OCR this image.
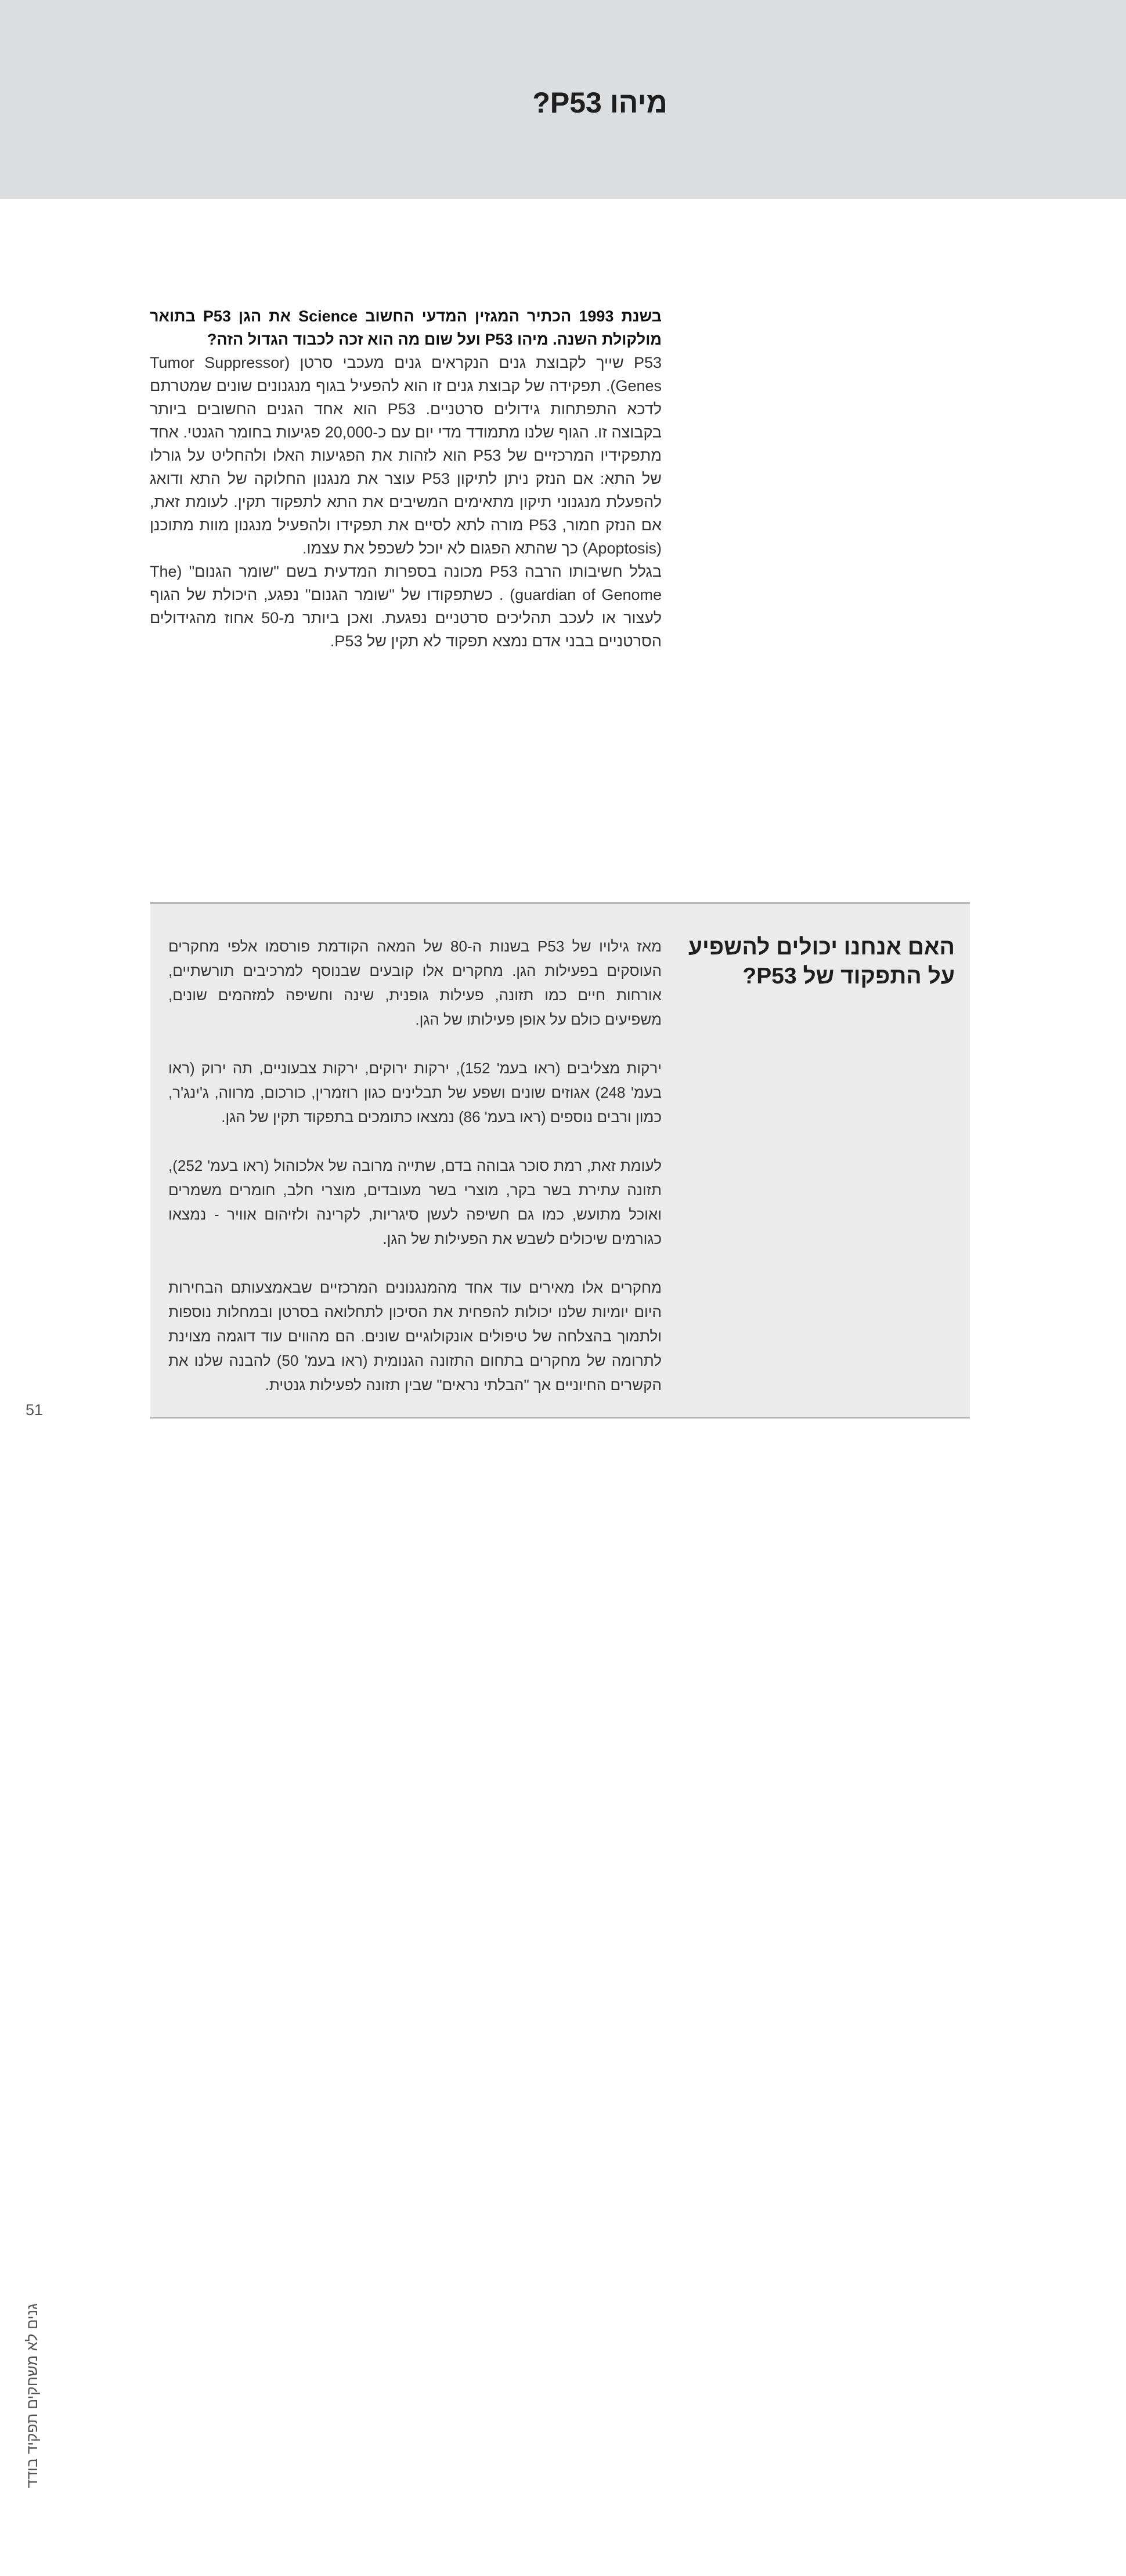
מיהו P53?

בשנת 1993 הכתיר המגזין המדעי החשוב Science את הגן P53 בתואר מולקולת השנה. מיהו P53 ועל שום מה הוא זכה לכבוד הגדול הזה?

P53 שייך לקבוצת גנים הנקראים גנים מעכבי סרטן (Tumor Suppressor Genes). תפקידה של קבוצת גנים זו הוא להפעיל בגוף מנגנונים שונים שמטרתם לדכא התפתחות גידולים סרטניים. P53 הוא אחד הגנים החשובים ביותר בקבוצה זו. הגוף שלנו מתמודד מדי יום עם כ-20,000 פגיעות בחומר הגנטי. אחד מתפקידיו המרכזיים של P53 הוא לזהות את הפגיעות האלו ולהחליט על גורלו של התא: אם הנזק ניתן לתיקון P53 עוצר את מנגנון החלוקה של התא ודואג להפעלת מנגנוני תיקון מתאימים המשיבים את התא לתפקוד תקין. לעומת זאת, אם הנזק חמור, P53 מורה לתא לסיים את תפקידו ולהפעיל מנגנון מוות מתוכנן (Apoptosis) כך שהתא הפגום לא יוכל לשכפל את עצמו.

בגלל חשיבותו הרבה P53 מכונה בספרות המדעית בשם "שומר הגנום" (The guardian of Genome) . כשתפקודו של "שומר הגנום" נפגע, היכולת של הגוף לעצור או לעכב תהליכים סרטניים נפגעת. ואכן ביותר מ-50 אחוז מהגידולים הסרטניים בבני אדם נמצא תפקוד לא תקין של P53.

האם אנחנו יכולים להשפיע על התפקוד של P53?

מאז גילויו של P53 בשנות ה-80 של המאה הקודמת פורסמו אלפי מחקרים העוסקים בפעילות הגן. מחקרים אלו קובעים שבנוסף למרכיבים תורשתיים, אורחות חיים כמו תזונה, פעילות גופנית, שינה וחשיפה למזהמים שונים, משפיעים כולם על אופן פעילותו של הגן.

ירקות מצליבים (ראו בעמ' 152), ירקות ירוקים, ירקות צבעוניים, תה ירוק (ראו בעמ' 248) אגוזים שונים ושפע של תבלינים כגון רוזמרין, כורכום, מרווה, ג'ינג'ר, כמון ורבים נוספים (ראו בעמ' 86) נמצאו כתומכים בתפקוד תקין של הגן.

לעומת זאת, רמת סוכר גבוהה בדם, שתייה מרובה של אלכוהול (ראו בעמ' 252), תזונה עתירת בשר בקר, מוצרי בשר מעובדים, מוצרי חלב, חומרים משמרים ואוכל מתועש, כמו גם חשיפה לעשן סיגריות, לקרינה ולזיהום אוויר - נמצאו כגורמים שיכולים לשבש את הפעילות של הגן.

מחקרים אלו מאירים עוד אחד מהמנגנונים המרכזיים שבאמצעותם הבחירות היום יומיות שלנו יכולות להפחית את הסיכון לתחלואה בסרטן ובמחלות נוספות ולתמוך בהצלחה של טיפולים אונקולוגיים שונים. הם מהווים עוד דוגמה מצוינת לתרומה של מחקרים בתחום התזונה הגנומית (ראו בעמ' 50) להבנה שלנו את הקשרים החיוניים אך "הבלתי נראים" שבין תזונה לפעילות גנטית.

גנים לא משחקים תפקיד בודד
51
